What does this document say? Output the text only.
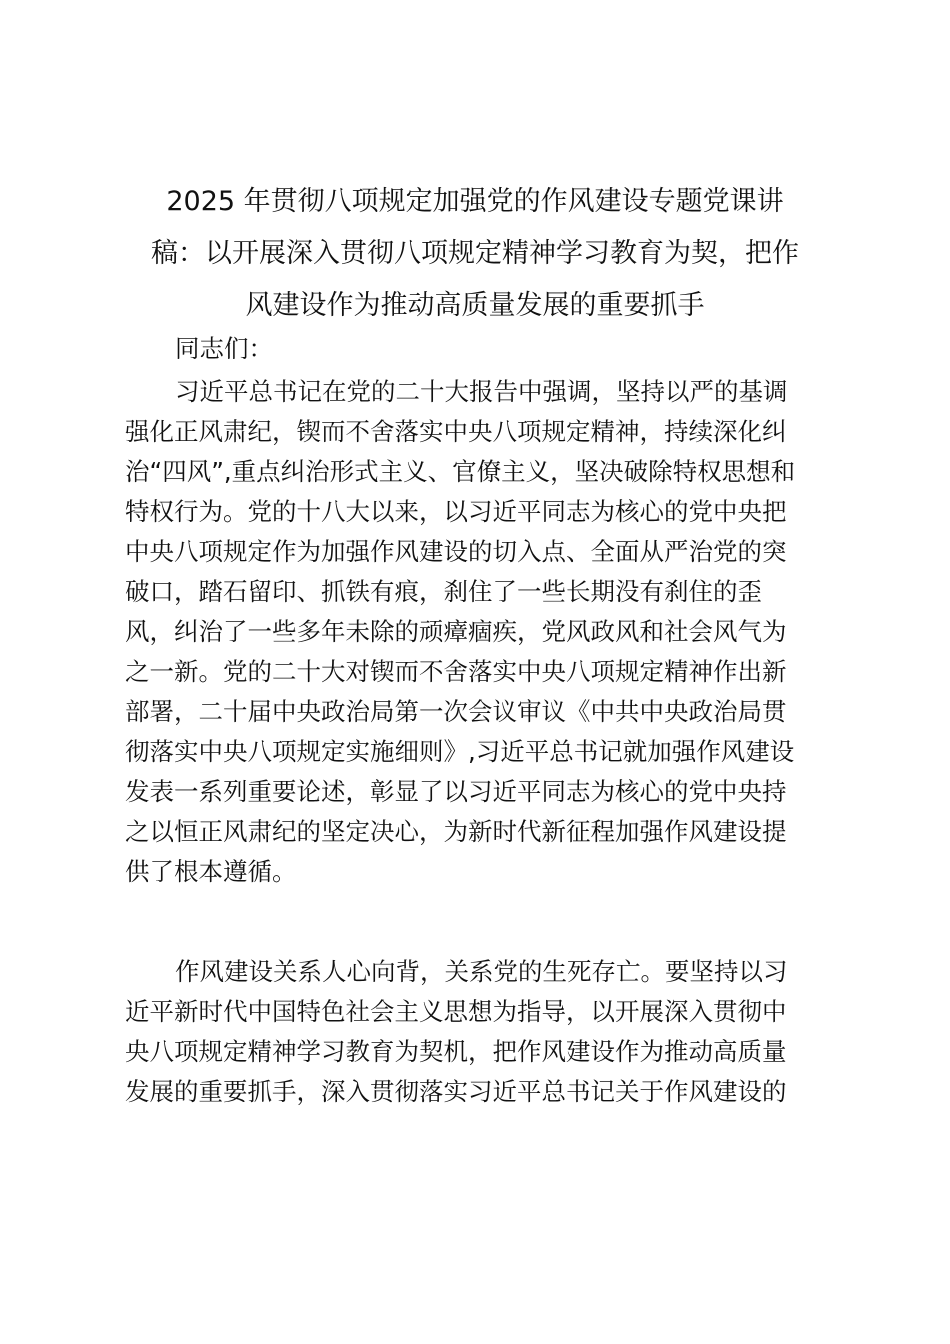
2025 年贯彻八项规定加强党的作风建设专题党课讲
稿：以开展深入贯彻八项规定精神学习教育为契，把作
风建设作为推动高质量发展的重要抓手

同志们：

习近平总书记在党的二十大报告中强调，坚持以严的基调
强化正风肃纪，锲而不舍落实中央八项规定精神，持续深化纠
治“四风”,重点纠治形式主义、官僚主义，坚决破除特权思想和
特权行为。党的十八大以来，以习近平同志为核心的党中央把
中央八项规定作为加强作风建设的切入点、全面从严治党的突
破口，踏石留印、抓铁有痕，刹住了一些长期没有刹住的歪
风，纠治了一些多年未除的顽瘴痼疾，党风政风和社会风气为
之一新。党的二十大对锲而不舍落实中央八项规定精神作出新
部署，二十届中央政治局第一次会议审议《中共中央政治局贯
彻落实中央八项规定实施细则》,习近平总书记就加强作风建设
发表一系列重要论述，彰显了以习近平同志为核心的党中央持
之以恒正风肃纪的坚定决心，为新时代新征程加强作风建设提
供了根本遵循。

作风建设关系人心向背，关系党的生死存亡。要坚持以习
近平新时代中国特色社会主义思想为指导，以开展深入贯彻中
央八项规定精神学习教育为契机，把作风建设作为推动高质量
发展的重要抓手，深入贯彻落实习近平总书记关于作风建设的
